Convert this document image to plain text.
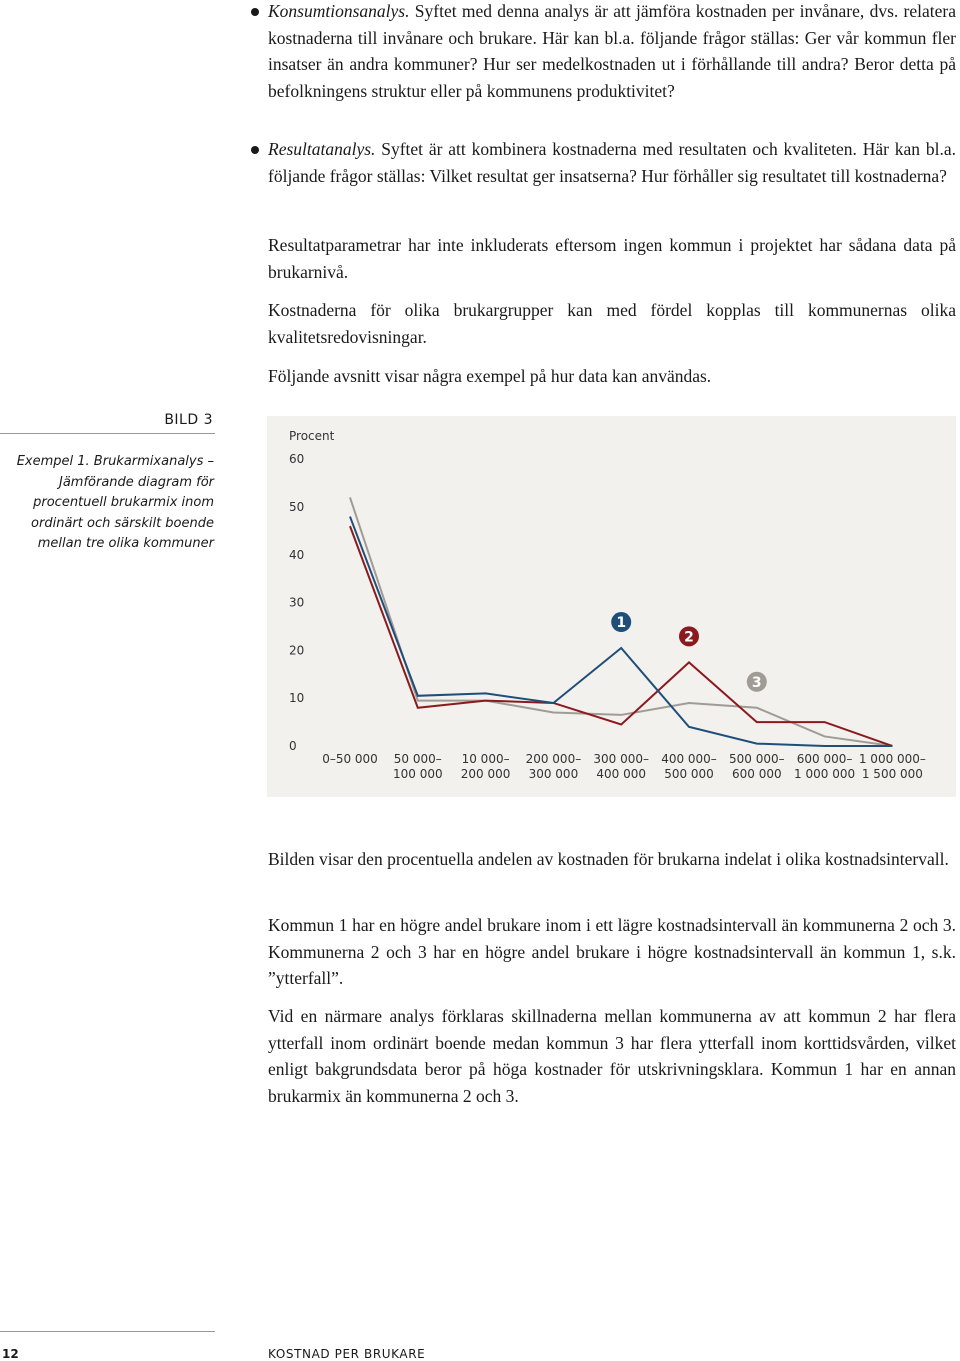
Konsumtionsanalys. Syftet med denna analys är att jämföra kostnaden per invånare, dvs. relatera kostnaderna till invånare och brukare. Här kan bl.a. följande frågor ställas: Ger vår kommun fler insatser än andra kommuner? Hur ser medelkostnaden ut i förhållande till andra? Beror detta på befolkningens struktur eller på kommunens produktivitet?
Resultatanalys. Syftet är att kombinera kostnaderna med resultaten och kvaliteten. Här kan bl.a. följande frågor ställas: Vilket resultat ger insatserna? Hur förhåller sig resultatet till kostnaderna?

Resultatparametrar har inte inkluderats eftersom ingen kommun i projektet har sådana data på brukarnivå.

Kostnaderna för olika brukargrupper kan med fördel kopplas till kommunernas olika kvalitetsredovisningar.

Följande avsnitt visar några exempel på hur data kan användas.

BILD 3
Exempel 1. Brukarmixanalys – Jämförande diagram för procentuell brukarmix inom ordinärt och särskilt boende mellan tre olika kommuner
Procent
0
10
20
30
40
50
60
0–50 000 50 000–
100 000
10 000–
200 000
200 000–
300 000
300 000–
400 000
400 000–
500 000
500 000–
600 000
600 000–
1 000 000
1 000 000–
1 500 000
1
2
3

Bilden visar den procentuella andelen av kostnaden för brukarna indelat i olika kostnadsintervall.

Kommun 1 har en högre andel brukare inom i ett lägre kostnadsintervall än kommunerna 2 och 3. Kommunerna 2 och 3 har en högre andel brukare i högre kostnadsintervall än kommun 1, s.k. ”ytterfall”.

Vid en närmare analys förklaras skillnaderna mellan kommunerna av att kommun 2 har flera ytterfall inom ordinärt boende medan kommun 3 har flera ytterfall inom korttidsvården, vilket enligt bakgrundsdata beror på höga kostnader för utskrivningsklara. Kommun 1 har en annan brukarmix än kommunerna 2 och 3.

12	KOSTNAD PER BRUKARE
